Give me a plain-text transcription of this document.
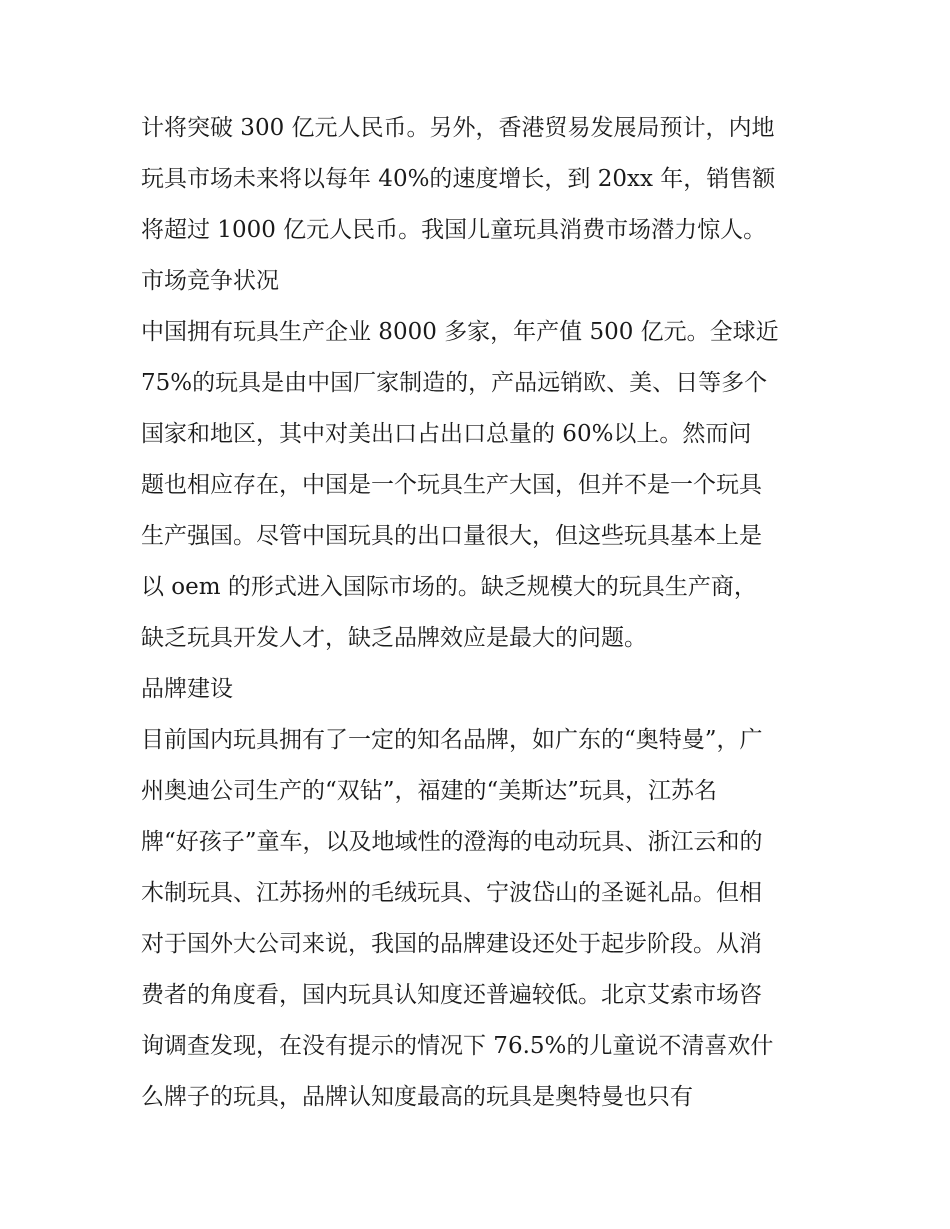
计将突破 300 亿元人民币。另外，香港贸易发展局预计，内地
玩具市场未来将以每年 40%的速度增长，到 20xx 年，销售额
将超过 1000 亿元人民币。我国儿童玩具消费市场潜力惊人。
市场竞争状况
中国拥有玩具生产企业 8000 多家，年产值 500 亿元。全球近
75%的玩具是由中国厂家制造的，产品远销欧、美、日等多个
国家和地区，其中对美出口占出口总量的 60%以上。然而问
题也相应存在，中国是一个玩具生产大国，但并不是一个玩具
生产强国。尽管中国玩具的出口量很大，但这些玩具基本上是
以 oem 的形式进入国际市场的。缺乏规模大的玩具生产商，
缺乏玩具开发人才，缺乏品牌效应是最大的问题。
品牌建设
目前国内玩具拥有了一定的知名品牌，如广东的“奥特曼”，广
州奥迪公司生产的“双钻”，福建的“美斯达”玩具，江苏名
牌“好孩子”童车，以及地域性的澄海的电动玩具、浙江云和的
木制玩具、江苏扬州的毛绒玩具、宁波岱山的圣诞礼品。但相
对于国外大公司来说，我国的品牌建设还处于起步阶段。从消
费者的角度看，国内玩具认知度还普遍较低。北京艾索市场咨
询调查发现，在没有提示的情况下 76.5%的儿童说不清喜欢什
么牌子的玩具，品牌认知度最高的玩具是奥特曼也只有
